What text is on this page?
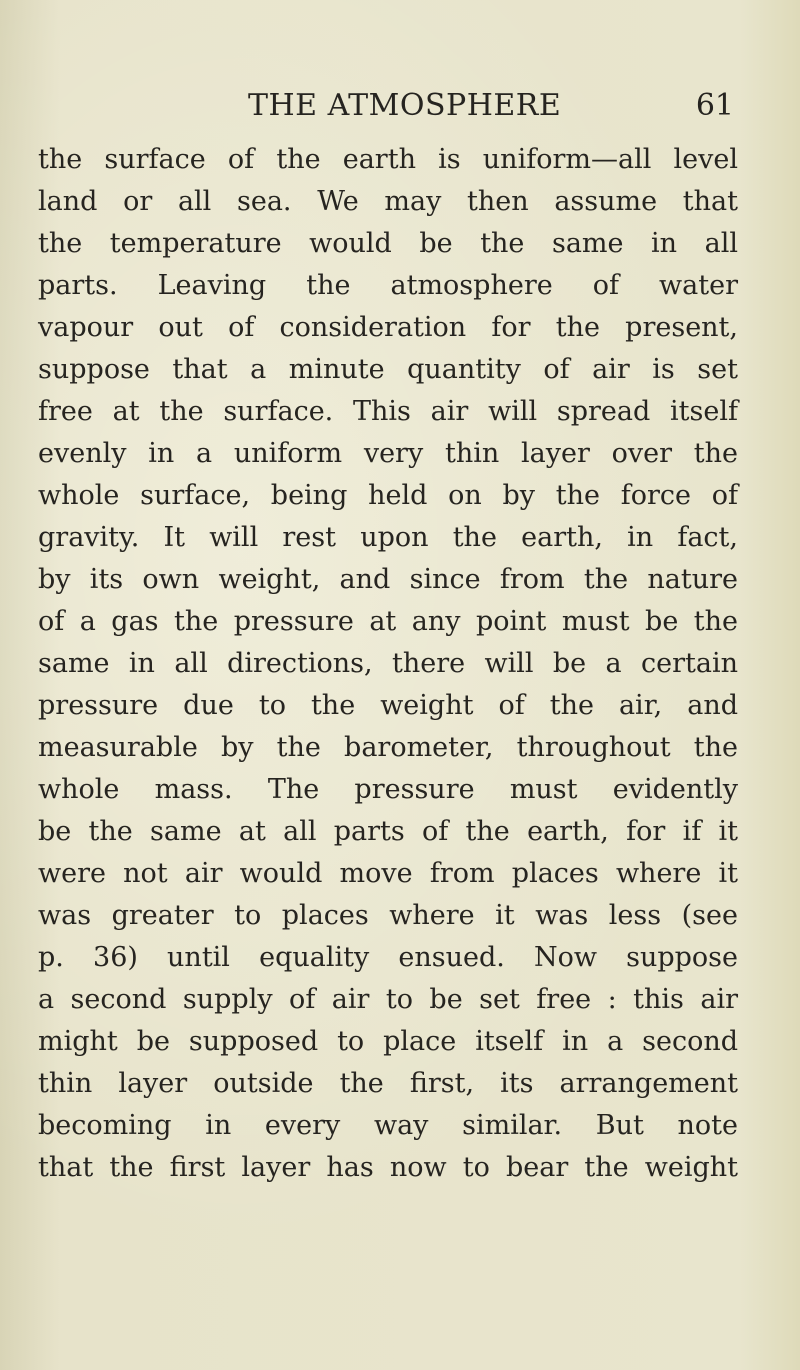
THE ATMOSPHERE	61
the surface of the earth is uniform—all level
land or all sea. We may then assume that
the temperature would be the same in all
parts. Leaving the atmosphere of water
vapour out of consideration for the present,
suppose that a minute quantity of air is set
free at the surface. This air will spread itself
evenly in a uniform very thin layer over the
whole surface, being held on by the force of
gravity. It will rest upon the earth, in fact,
by its own weight, and since from the nature
of a gas the pressure at any point must be the
same in all directions, there will be a certain
pressure due to the weight of the air, and
measurable by the barometer, throughout the
whole mass. The pressure must evidently
be the same at all parts of the earth, for if it
were not air would move from places where it
was greater to places where it was less (see
p. 36) until equality ensued. Now suppose
a second supply of air to be set free : this air
might be supposed to place itself in a second
thin layer outside the first, its arrangement
becoming in every way similar. But note
that the first layer has now to bear the weight
